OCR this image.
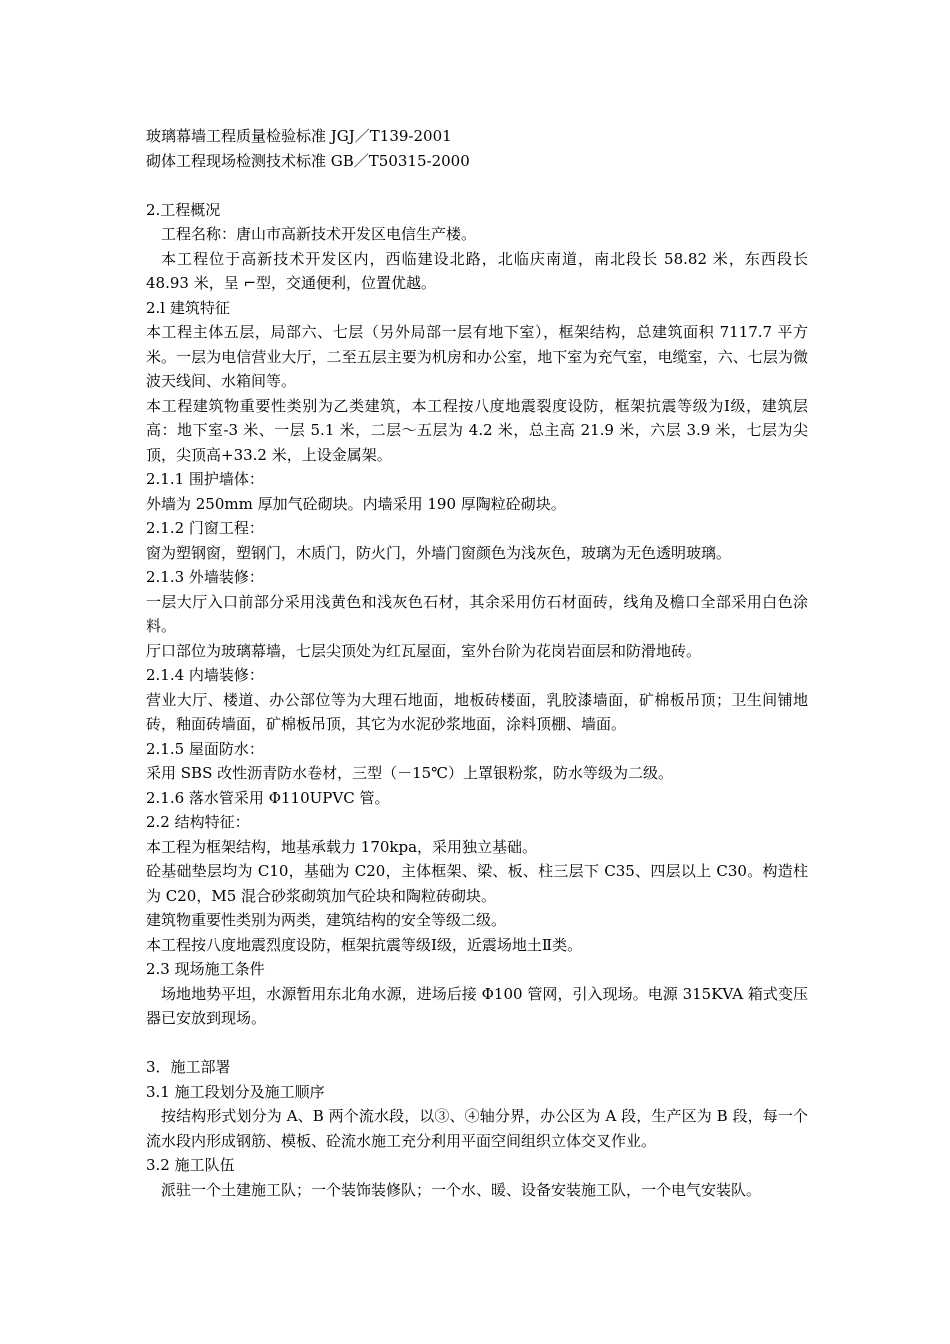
玻璃幕墙工程质量检验标准 JGJ／T139-2001
砌体工程现场检测技术标准 GB／T50315-2000
2.工程概况
工程名称：唐山市高新技术开发区电信生产楼。
本工程位于高新技术开发区内，西临建设北路，北临庆南道，南北段长 58.82 米，东西段长 48.93 米，呈 ⌐型，交通便利，位置优越。
2.l 建筑特征
本工程主体五层，局部六、七层（另外局部一层有地下室），框架结构，总建筑面积 7117.7 平方米。一层为电信营业大厅，二至五层主要为机房和办公室，地下室为充气室，电缆室，六、七层为微波天线间、水箱间等。
本工程建筑物重要性类别为乙类建筑，本工程按八度地震裂度设防，框架抗震等级为Ⅰ级，建筑层高：地下室-3 米、一层 5.1 米，二层～五层为 4.2 米，总主高 21.9 米，六层 3.9 米，七层为尖顶，尖顶高+33.2 米，上设金属架。
2.1.1 围护墙体：
外墙为 250mm 厚加气砼砌块。内墙采用 190 厚陶粒砼砌块。
2.1.2 门窗工程：
窗为塑钢窗，塑钢门，木质门，防火门，外墙门窗颜色为浅灰色，玻璃为无色透明玻璃。
2.1.3 外墙装修：
一层大厅入口前部分采用浅黄色和浅灰色石材，其余采用仿石材面砖，线角及檐口全部采用白色涂料。
厅口部位为玻璃幕墙，七层尖顶处为红瓦屋面，室外台阶为花岗岩面层和防滑地砖。
2.1.4 内墙装修：
营业大厅、楼道、办公部位等为大理石地面，地板砖楼面，乳胶漆墙面，矿棉板吊顶；卫生间铺地砖，釉面砖墙面，矿棉板吊顶，其它为水泥砂浆地面，涂料顶棚、墙面。
2.1.5 屋面防水：
采用 SBS 改性沥青防水卷材，三型（－15℃）上罩银粉浆，防水等级为二级。
2.1.6 落水管采用 Φ110UPVC 管。
2.2 结构特征：
本工程为框架结构，地基承载力 170kpa，采用独立基础。
砼基础垫层均为 C10，基础为 C20，主体框架、梁、板、柱三层下 C35、四层以上 C30。构造柱为 C20，M5 混合砂浆砌筑加气砼块和陶粒砖砌块。
建筑物重要性类别为两类，建筑结构的安全等级二级。
本工程按八度地震烈度设防，框架抗震等级Ⅰ级，近震场地土Ⅱ类。
2.3 现场施工条件
场地地势平坦，水源暂用东北角水源，进场后接 Φ100 管网，引入现场。电源 315KVA 箱式变压器已安放到现场。
3．施工部署
3.1 施工段划分及施工顺序
按结构形式划分为 A、B 两个流水段，以③、④轴分界，办公区为 A 段，生产区为 B 段，每一个流水段内形成钢筋、模板、砼流水施工充分利用平面空间组织立体交叉作业。
3.2 施工队伍
派驻一个土建施工队；一个装饰装修队；一个水、暖、设备安装施工队，一个电气安装队。
